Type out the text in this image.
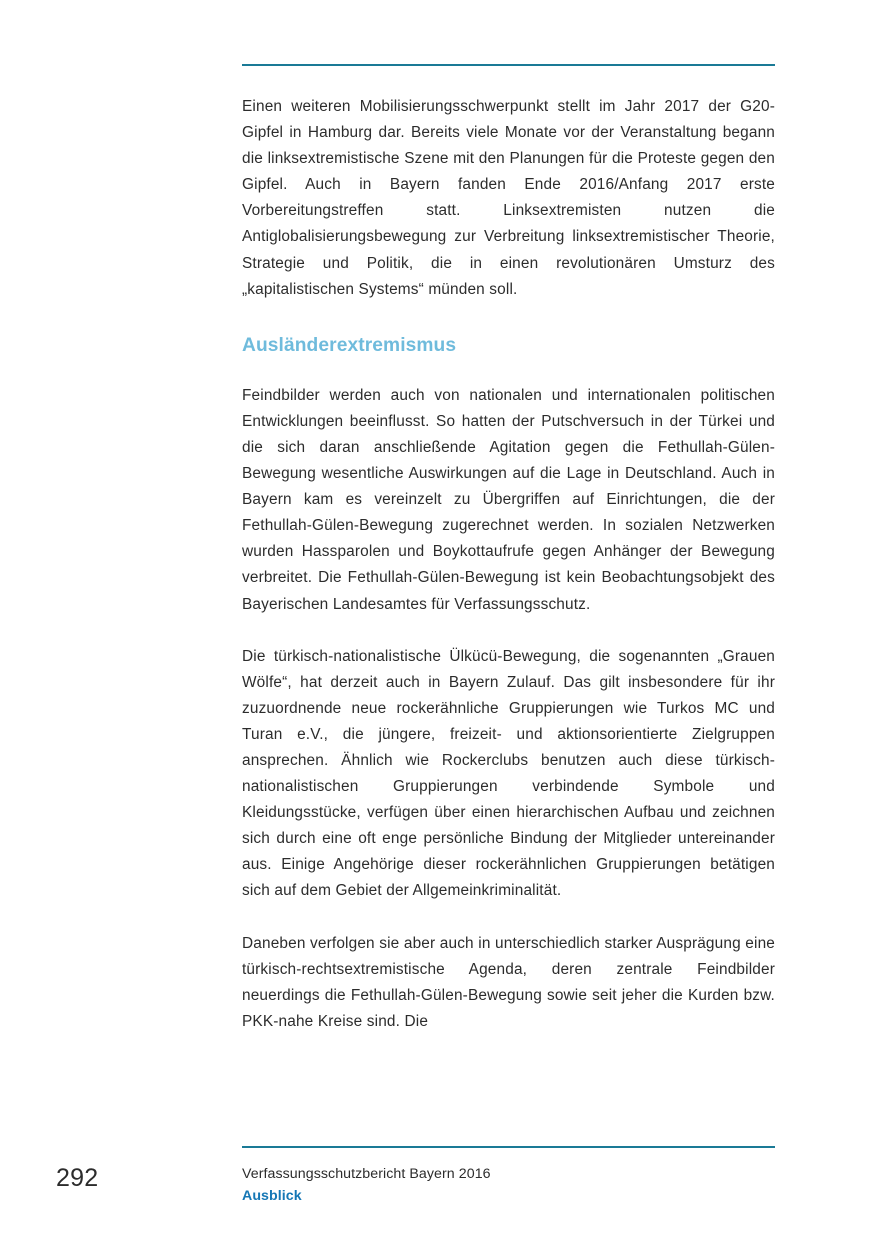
Einen weiteren Mobilisierungsschwerpunkt stellt im Jahr 2017 der G20-Gipfel in Hamburg dar. Bereits viele Monate vor der Veranstaltung begann die linksextremistische Szene mit den Planungen für die Proteste gegen den Gipfel. Auch in Bayern fanden Ende 2016/Anfang 2017 erste Vorbereitungstreffen statt. Linksextremisten nutzen die Antiglobalisierungsbewegung zur Verbreitung linksextremistischer Theorie, Strategie und Politik, die in einen revolutionären Umsturz des „kapitalistischen Systems“ münden soll.

Ausländerextremismus

Feindbilder werden auch von nationalen und internationalen politischen Entwicklungen beeinflusst. So hatten der Putschversuch in der Türkei und die sich daran anschließende Agitation gegen die Fethullah-Gülen-Bewegung wesentliche Auswirkungen auf die Lage in Deutschland. Auch in Bayern kam es vereinzelt zu Übergriffen auf Einrichtungen, die der Fethullah-Gülen-Bewegung zugerechnet werden. In sozialen Netzwerken wurden Hassparolen und Boykottaufrufe gegen Anhänger der Bewegung verbreitet. Die Fethullah-Gülen-Bewegung ist kein Beobachtungsobjekt des Bayerischen Landesamtes für Verfassungsschutz.

Die türkisch-nationalistische Ülkücü-Bewegung, die sogenannten „Grauen Wölfe“, hat derzeit auch in Bayern Zulauf. Das gilt insbesondere für ihr zuzuordnende neue rockerähnliche Gruppierungen wie Turkos MC und Turan e.V., die jüngere, freizeit- und aktionsorientierte Zielgruppen ansprechen. Ähnlich wie Rockerclubs benutzen auch diese türkisch-nationalistischen Gruppierungen verbindende Symbole und Kleidungsstücke, verfügen über einen hierarchischen Aufbau und zeichnen sich durch eine oft enge persönliche Bindung der Mitglieder untereinander aus. Einige Angehörige dieser rockerähnlichen Gruppierungen betätigen sich auf dem Gebiet der Allgemeinkriminalität.

Daneben verfolgen sie aber auch in unterschiedlich starker Ausprägung eine türkisch-rechtsextremistische Agenda, deren zentrale Feindbilder neuerdings die Fethullah-Gülen-Bewegung sowie seit jeher die Kurden bzw. PKK-nahe Kreise sind. Die

292	Verfassungsschutzbericht Bayern 2016
Ausblick
